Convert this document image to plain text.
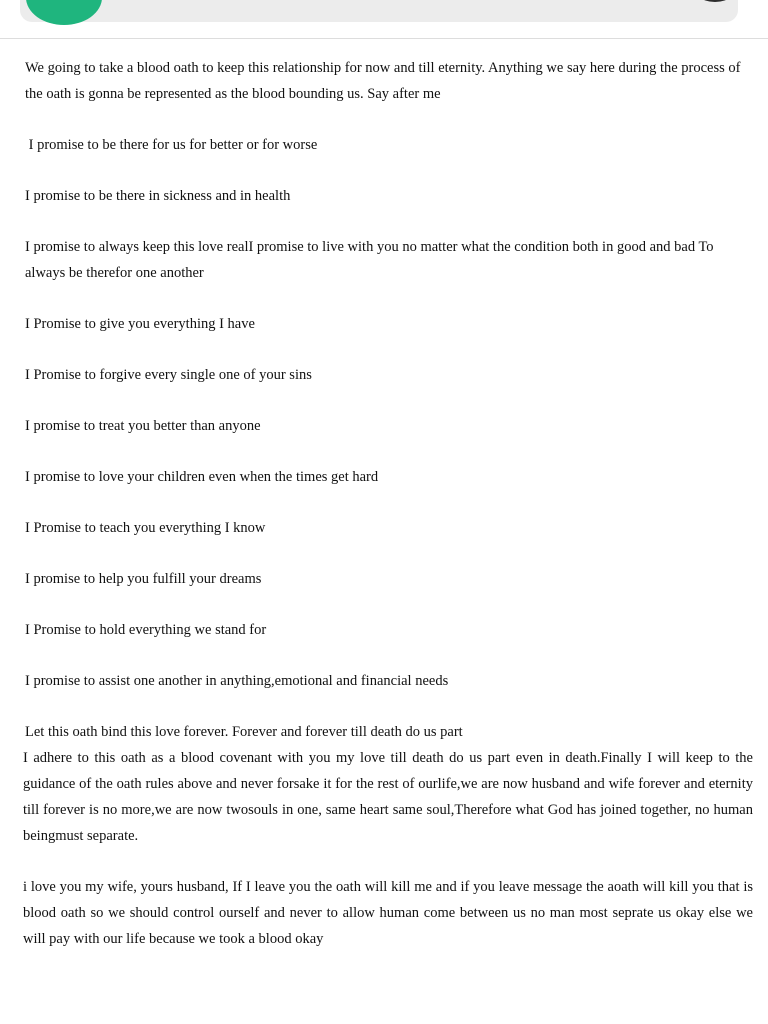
We going to take a blood oath to keep this relationship for now and till eternity. Anything we say here during the process of the oath is gonna be represented as the blood bounding us. Say after me

I promise to be there for us for better or for worse

I promise to be there in sickness and in health

I promise to always keep this love realI promise to live with you no matter what the condition both in good and bad To always be therefor one another

I Promise to give you everything I have

I Promise to forgive every single one of your sins

I promise to treat you better than anyone

I promise to love your children even when the times get hard

I Promise to teach you everything I know

I promise to help you fulfill your dreams

I Promise to hold everything we stand for

I promise to assist one another in anything,emotional and financial needs

Let this oath bind this love forever. Forever and forever till death do us part

I adhere to this oath as a blood covenant with you my love till death do us part even in death.Finally I will keep to the guidance of the oath rules above and never forsake it for the rest of ourlife,we are now husband and wife forever and eternity till forever is no more,we are now twosouls in one, same heart same soul,Therefore what God has joined together, no human beingmust separate.

i love you my wife, yours husband, If I leave you the oath will kill me and if you leave message the aoath will kill you that is blood oath so we should control ourself and never to allow human come between us no man most seprate us okay else we will pay with our life because we took a blood okay
